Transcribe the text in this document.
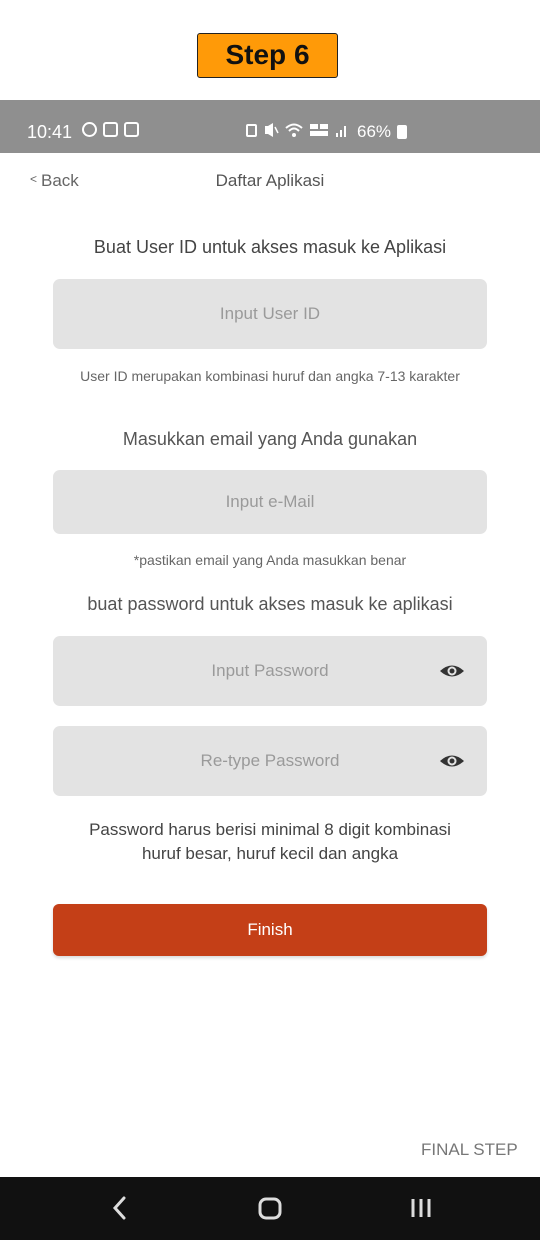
Step 6
10:41	66%
Daftar Aplikasi
< Back
Buat User ID untuk akses masuk ke Aplikasi
Input User ID
User ID merupakan kombinasi huruf dan angka 7-13 karakter
Masukkan email yang Anda gunakan
Input e-Mail
*pastikan email yang Anda masukkan benar
buat password untuk akses masuk ke aplikasi
Password harus berisi minimal 8 digit kombinasi
huruf besar, huruf kecil dan angka
Finish
FINAL STEP
